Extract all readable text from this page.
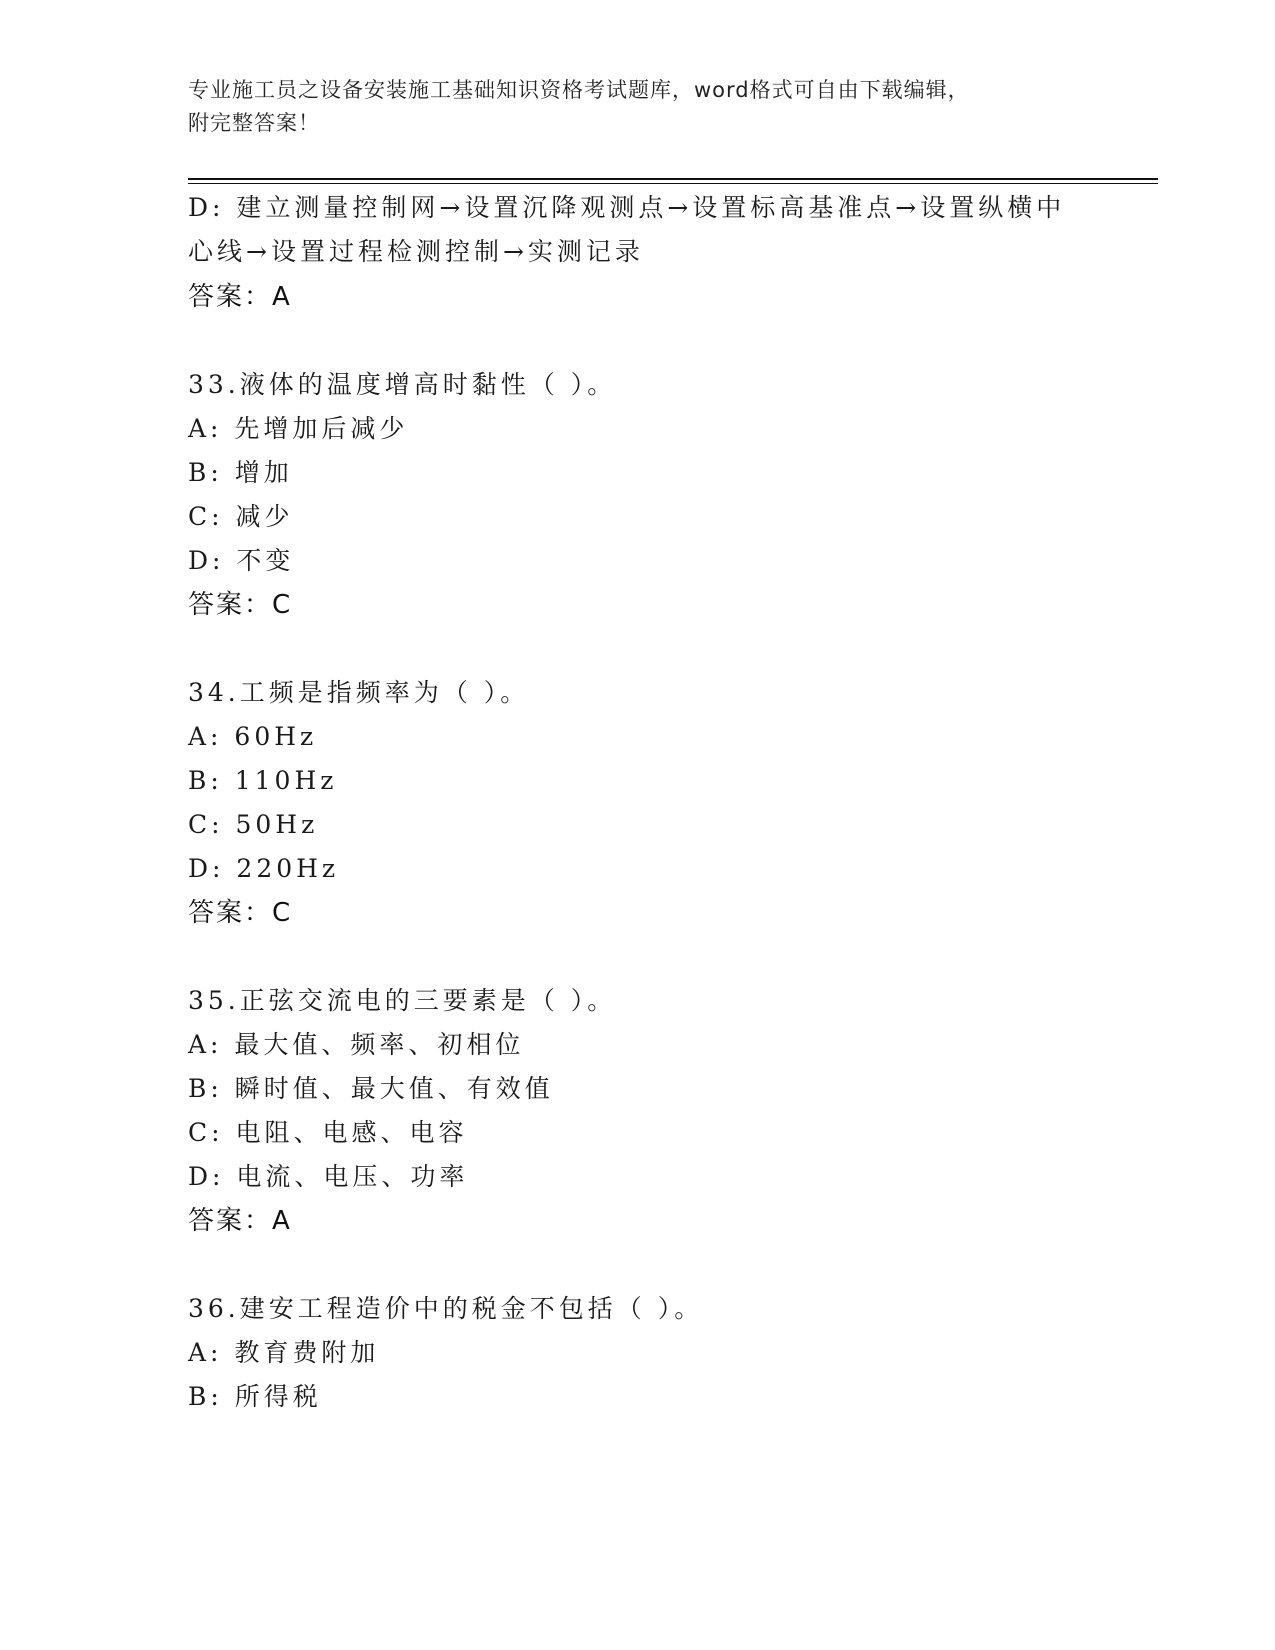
专业施工员之设备安装施工基础知识资格考试题库，word格式可自由下载编辑，
附完整答案！
D: 建立测量控制网→设置沉降观测点→设置标高基准点→设置纵横中
心线→设置过程检测控制→实测记录
答案：A
33.液体的温度增高时黏性（ ）。
A: 先增加后减少
B: 增加
C: 减少
D: 不变
答案：C
34.工频是指频率为（ ）。
A: 60Hz
B: 110Hz
C: 50Hz
D: 220Hz
答案：C
35.正弦交流电的三要素是（ ）。
A: 最大值、频率、初相位
B: 瞬时值、最大值、有效值
C: 电阻、电感、电容
D: 电流、电压、功率
答案：A
36.建安工程造价中的税金不包括（ ）。
A: 教育费附加
B: 所得税
